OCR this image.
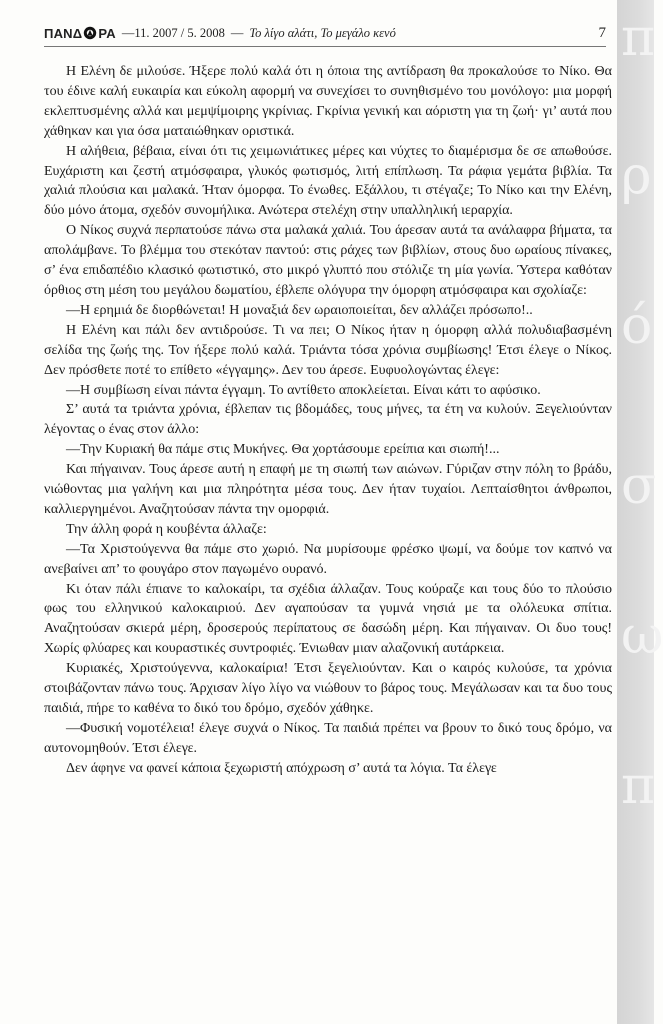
ΠΑΝΔ ΡΑ —11. 2007 / 5. 2008 — Το λίγο αλάτι, Το μεγάλο κενό	7

Η Ελένη δε μιλούσε. Ήξερε πολύ καλά ότι η όποια της αντίδραση θα προκαλούσε το Νίκο. Θα του έδινε καλή ευκαιρία και εύκολη αφορμή να συνεχίσει το συνηθισμένο του μονόλογο: μια μορφή εκλεπτυσμένης αλλά και μεμψίμοιρης γκρίνιας. Γκρίνια γενική και αόριστη για τη ζωή· γι’ αυτά που χάθηκαν και για όσα ματαιώθηκαν οριστικά.

Η αλήθεια, βέβαια, είναι ότι τις χειμωνιάτικες μέρες και νύχτες το διαμέρισμα δε σε απωθούσε. Ευχάριστη και ζεστή ατμόσφαιρα, γλυκός φωτισμός, λιτή επίπλωση. Τα ράφια γεμάτα βιβλία. Τα χαλιά πλούσια και μαλακά. Ήταν όμορφα. Το ένωθες. Εξάλλου, τι στέγαζε; Το Νίκο και την Ελένη, δύο μόνο άτομα, σχεδόν συνομήλικα. Ανώτερα στελέχη στην υπαλληλική ιεραρχία.

Ο Νίκος συχνά περπατούσε πάνω στα μαλακά χαλιά. Του άρεσαν αυτά τα ανάλαφρα βήματα, τα απολάμβανε. Το βλέμμα του στεκόταν παντού: στις ράχες των βιβλίων, στους δυο ωραίους πίνακες, σ’ ένα επιδαπέδιο κλασικό φωτιστικό, στο μικρό γλυπτό που στόλιζε τη μία γωνία. Ύστερα καθόταν όρθιος στη μέση του μεγάλου δωματίου, έβλεπε ολόγυρα την όμορφη ατμόσφαιρα και σχολίαζε:

—Η ερημιά δε διορθώνεται! Η μοναξιά δεν ωραιοποιείται, δεν αλλάζει πρόσωπο!..

Η Ελένη και πάλι δεν αντιδρούσε. Τι να πει; Ο Νίκος ήταν η όμορφη αλλά πολυδιαβασμένη σελίδα της ζωής της. Τον ήξερε πολύ καλά. Τριάντα τόσα χρόνια συμβίωσης! Έτσι έλεγε ο Νίκος. Δεν πρόσθετε ποτέ το επίθετο «έγγαμης». Δεν του άρεσε. Ευφυολογώντας έλεγε:

—Η συμβίωση είναι πάντα έγγαμη. Το αντίθετο αποκλείεται. Είναι κάτι το αφύσικο.

Σ’ αυτά τα τριάντα χρόνια, έβλεπαν τις βδομάδες, τους μήνες, τα έτη να κυλούν. Ξεγελιούνταν λέγοντας ο ένας στον άλλο:

—Την Κυριακή θα πάμε στις Μυκήνες. Θα χορτάσουμε ερείπια και σιωπή!...

Και πήγαιναν. Τους άρεσε αυτή η επαφή με τη σιωπή των αιώνων. Γύριζαν στην πόλη το βράδυ, νιώθοντας μια γαλήνη και μια πληρότητα μέσα τους. Δεν ήταν τυχαίοι. Λεπταίσθητοι άνθρωποι, καλλιεργημένοι. Αναζητούσαν πάντα την ομορφιά.

Την άλλη φορά η κουβέντα άλλαζε:

—Τα Χριστούγεννα θα πάμε στο χωριό. Να μυρίσουμε φρέσκο ψωμί, να δούμε τον καπνό να ανεβαίνει απ’ το φουγάρο στον παγωμένο ουρανό.

Κι όταν πάλι έπιανε το καλοκαίρι, τα σχέδια άλλαζαν. Τους κούραζε και τους δύο το πλούσιο φως του ελληνικού καλοκαιριού. Δεν αγαπούσαν τα γυμνά νησιά με τα ολόλευκα σπίτια. Αναζητούσαν σκιερά μέρη, δροσερούς περίπατους σε δασώδη μέρη. Και πήγαιναν. Οι δυο τους! Χωρίς φλύαρες και κουραστικές συντροφιές. Ένιωθαν μιαν αλαζονική αυτάρκεια.

Κυριακές, Χριστούγεννα, καλοκαίρια! Έτσι ξεγελιούνταν. Και ο καιρός κυλούσε, τα χρόνια στοιβάζονταν πάνω τους. Άρχισαν λίγο λίγο να νιώθουν το βάρος τους. Μεγάλωσαν και τα δυο τους παιδιά, πήρε το καθένα το δικό του δρόμο, σχεδόν χάθηκε.

—Φυσική νομοτέλεια! έλεγε συχνά ο Νίκος. Τα παιδιά πρέπει να βρουν το δικό τους δρόμο, να αυτονομηθούν. Έτσι έλεγε.

Δεν άφηνε να φανεί κάποια ξεχωριστή απόχρωση σ’ αυτά τα λόγια. Τα έλεγε

π
ρ
ό
σ
ω
π
